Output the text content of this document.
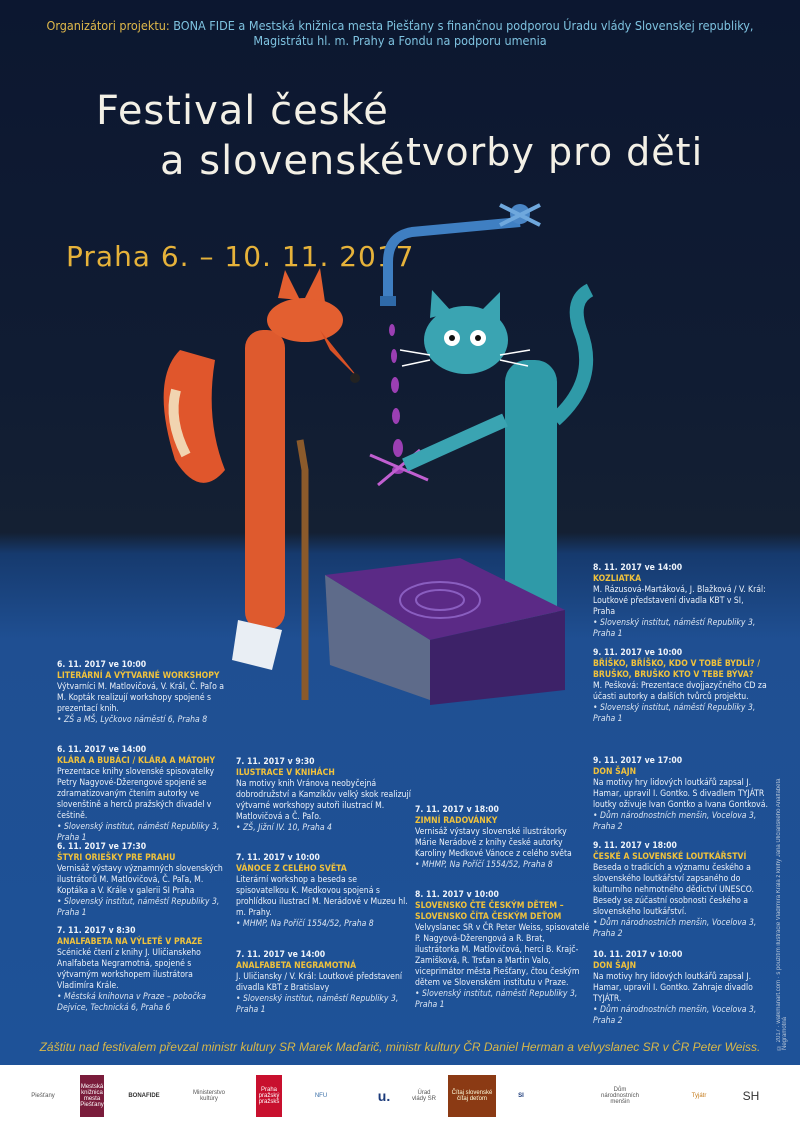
Organizátori projektu: BONA FIDE a Mestská knižnica mesta Piešťany s finančnou podporou Úradu vlády Slovenskej republiky,
Magistrátu hl. m. Prahy a Fondu na podporu umenia
Festival české
a slovenské tvorby pro děti
Praha 6. – 10. 11. 2017
6. 11. 2017 ve 10:00
LITERÁRNÍ A VÝTVARNÉ WORKSHOPY
Výtvarníci M. Matlovičová, V. Král, Č. Paľo a M. Kopták realizují workshopy spojené s prezentací knih.
• ZŠ a MŠ, Lyčkovo náměstí 6, Praha 8
6. 11. 2017 ve 14:00
KLÁRA A BUBÁCI / KLÁRA A MÁTOHY
Prezentace knihy slovenské spisovatelky Petry Nagyové-Džerengové spojené se zdramatizovaným čtením autorky ve slovenštině a herců pražských divadel v češtině.
• Slovenský institut, náměstí Republiky 3, Praha 1
6. 11. 2017 ve 17:30
ŠTYRI ORIEŠKY PRE PRAHU
Vernisáž výstavy významných slovenských ilustrátorů M. Matlovičová, Č. Paľa, M. Koptáka a V. Krále v galerii SI Praha
• Slovenský institut, náměstí Republiky 3, Praha 1
7. 11. 2017 v 8:30
ANALFABETA NA VÝLETĚ V PRAZE
Scénické čtení z knihy J. Uličianskeho Analfabeta Negramotná, spojené s výtvarným workshopem ilustrátora Vladimíra Krále.
• Městská knihovna v Praze – pobočka Dejvice, Technická 6, Praha 6
7. 11. 2017 v 9:30
ILUSTRACE V KNIHÁCH
Na motivy knih Vránova neobyčejná dobrodružství a Kamzíkův velký skok realizují výtvarné workshopy autoři ilustrací M. Matlovičová a Č. Paľo.
• ZŠ, Jižní IV. 10, Praha 4
7. 11. 2017 v 10:00
VÁNOCE Z CELÉHO SVĚTA
Literární workshop a beseda se spisovatelkou K. Medkovou spojená s prohlídkou ilustrací M. Nerádové v Muzeu hl. m. Prahy.
• MHMP, Na Poříčí 1554/52, Praha 8
7. 11. 2017 ve 14:00
ANALFABETA NEGRAMOTNÁ
J. Uličiansky / V. Král: Loutkové představení divadla KBT z Bratislavy
• Slovenský institut, náměstí Republiky 3, Praha 1
7. 11. 2017 v 18:00
ZIMNÍ RADOVÁNKY
Vernisáž výstavy slovenské ilustrátorky Márie Nerádové z knihy české autorky Karoliny Medkové Vánoce z celého světa
• MHMP, Na Poříčí 1554/52, Praha 8
8. 11. 2017 v 10:00
SLOVENSKO ČTE ČESKÝM DĚTEM – SLOVENSKO ČÍTA ČESKÝM DEŤOM
Velvyslanec SR v ČR Peter Weiss, spisovatelé P. Nagyová-Džerengová a R. Brat, ilustrátorka M. Matlovičová, herci B. Krajč-Zamišková, R. Trsťan a Martin Valo, viceprimátor města Piešťany, čtou českým dětem ve Slovenském institutu v Praze.
• Slovenský institut, náměstí Republiky 3, Praha 1
8. 11. 2017 ve 14:00
KOZLIATKA
M. Rázusová-Martáková, J. Blažková / V. Král: Loutkové představení divadla KBT v SI, Praha
• Slovenský institut, náměstí Republiky 3, Praha 1
9. 11. 2017 ve 10:00
BŘÍŠKO, BŘÍŠKO, KDO V TOBĚ BYDLÍ? / BRUŠKO, BRUŠKO KTO V TEBE BÝVA?
M. Pešková: Prezentace dvojjazyčného CD za účasti autorky a dalších tvůrců projektu.
• Slovenský institut, náměstí Republiky 3, Praha 1
9. 11. 2017 ve 17:00
DON ŠAJN
Na motivy hry lidových loutkářů zapsal J. Hamar, upravil I. Gontko. S divadlem TYJÁTR loutky oživuje Ivan Gontko a Ivana Gontková.
• Dům národnostních menšin, Vocelova 3, Praha 2
9. 11. 2017 v 18:00
ČESKÉ A SLOVENSKÉ LOUTKÁŘSTVÍ
Beseda o tradicích a významu českého a slovenského loutkářství zapsaného do kulturního nehmotného dědictví UNESCO. Besedy se zúčastní osobnosti českého a slovenského loutkářství.
• Dům národnostních menšin, Vocelova 3, Praha 2
10. 11. 2017 v 10:00
DON ŠAJN
Na motivy hry lidových loutkářů zapsal J. Hamar, upravil I. Gontko. Zahraje divadlo TYJÁTR.
• Dům národnostních menšin, Vocelova 3, Praha 2	© 2017 · walkmanart.com · s použitím ilustrácie Vladimíra Krála z knihy Jána Uličianskeho Analfabeta Negramotná
Záštitu nad festivalem převzal ministr kultury SR Marek Maďarič, ministr kultury ČR Daniel Herman a velvyslanec SR v ČR Peter Weiss.
Piešťany
Mestská knižnica mesta Piešťany
BONAFIDE	Ministerstvo kultúry
Praha pražský pražskš
NFU	u.	Úrad vlády SR
Čítaj slovenské čítaj deťom	SI
Dům národnostních menšin
Tyjátr	SH
